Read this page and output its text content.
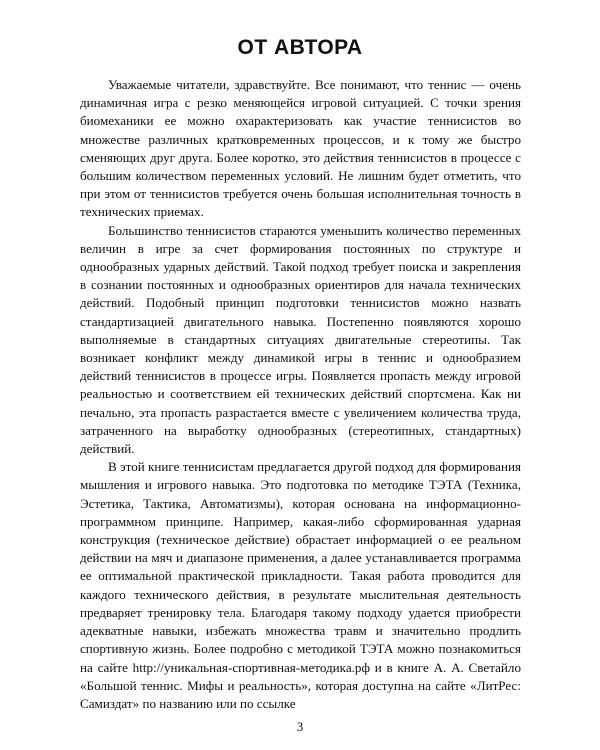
ОТ АВТОРА

Уважаемые читатели, здравствуйте. Все понимают, что теннис — очень динамичная игра с резко меняющейся игровой ситуацией. С точки зрения биомеханики ее можно охарактеризовать как участие теннисистов во множестве различных кратковременных процессов, и к тому же быстро сменяющих друг друга. Более коротко, это действия теннисистов в процессе с большим количеством переменных условий. Не лишним будет отметить, что при этом от теннисистов требуется очень большая исполнительная точность в технических приемах.

Большинство теннисистов стараются уменьшить количество переменных величин в игре за счет формирования постоянных по структуре и однообразных ударных действий. Такой подход требует поиска и закрепления в сознании постоянных и однообразных ориентиров для начала технических действий. Подобный принцип подготовки теннисистов можно назвать стандартизацией двигательного навыка. Постепенно появляются хорошо выполняемые в стандартных ситуациях двигательные стереотипы. Так возникает конфликт между динамикой игры в теннис и однообразием действий теннисистов в процессе игры. Появляется пропасть между игровой реальностью и соответствием ей технических действий спортсмена. Как ни печально, эта пропасть разрастается вместе с увеличением количества труда, затраченного на выработку однообразных (стереотипных, стандартных) действий.

В этой книге теннисистам предлагается другой подход для формирования мышления и игрового навыка. Это подготовка по методике ТЭТА (Техника, Эстетика, Тактика, Автоматизмы), которая основана на информационно-программном принципе. Например, какая-либо сформированная ударная конструкция (техническое действие) обрастает информацией о ее реальном действии на мяч и диапазоне применения, а далее устанавливается программа ее оптимальной практической прикладности. Такая работа проводится для каждого технического действия, в результате мыслительная деятельность предваряет тренировку тела. Благодаря такому подходу удается приобрести адекватные навыки, избежать множества травм и значительно продлить спортивную жизнь. Более подробно с методикой ТЭТА можно познакомиться на сайте http://уникальная-спортивная-методика.рф и в книге А. А. Светайло «Большой теннис. Мифы и реальность», которая доступна на сайте «ЛитРес: Самиздат» по названию или по ссылке

3
